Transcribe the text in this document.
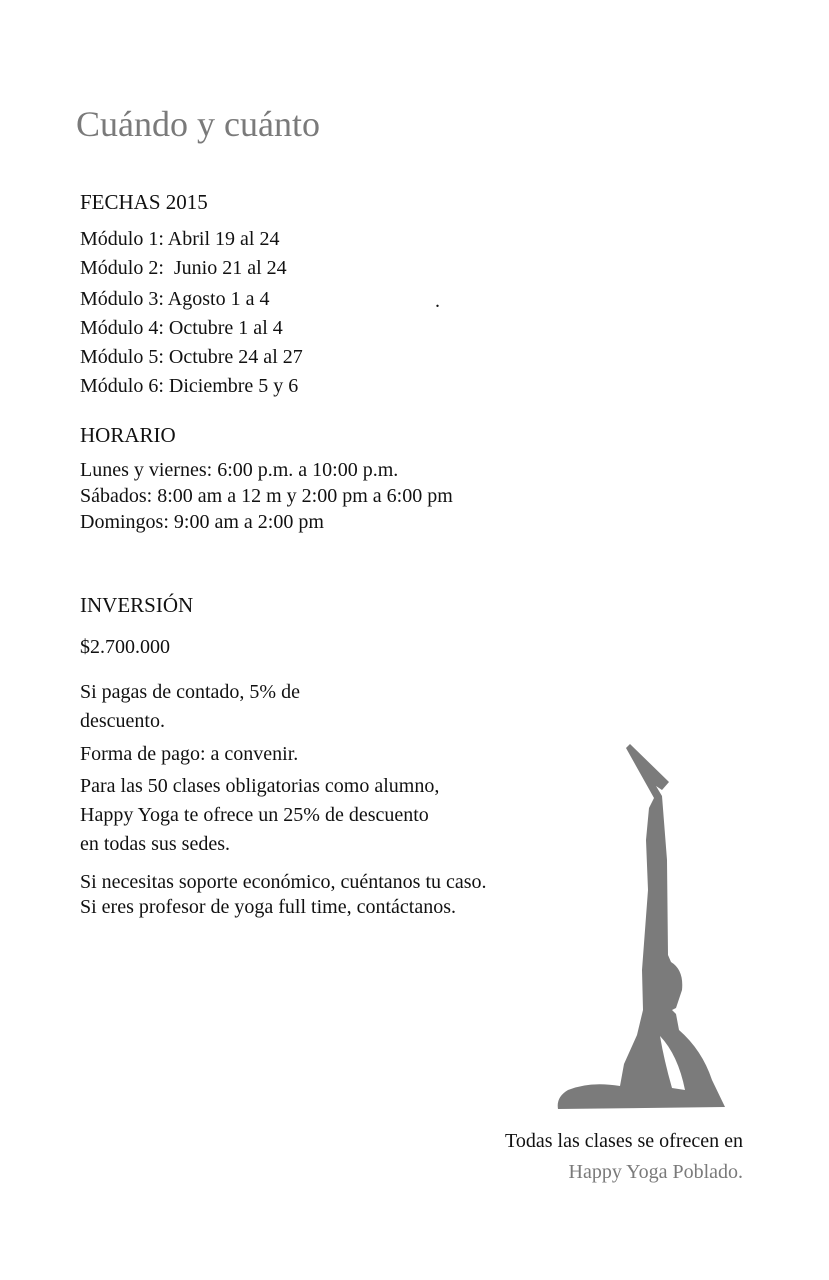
Cuándo y cuánto

FECHAS 2015

Módulo 1: Abril 19 al 24

Módulo 2:  Junio 21 al 24

Módulo 3: Agosto 1 a 4	.

Módulo 4: Octubre 1 al 4

Módulo 5: Octubre 24 al 27

Módulo 6: Diciembre 5 y 6

HORARIO

Lunes y viernes: 6:00 p.m. a 10:00 p.m.

Sábados: 8:00 am a 12 m y 2:00 pm a 6:00 pm

Domingos: 9:00 am a 2:00 pm

INVERSIÓN

$2.700.000

Si pagas de contado, 5% de

descuento.

Forma de pago: a convenir.

Para las 50 clases obligatorias como alumno,

Happy Yoga te ofrece un 25% de descuento

en todas sus sedes.

Si necesitas soporte económico, cuéntanos tu caso.

Si eres profesor de yoga full time, contáctanos.

Todas las clases se ofrecen en

Happy Yoga Poblado.
